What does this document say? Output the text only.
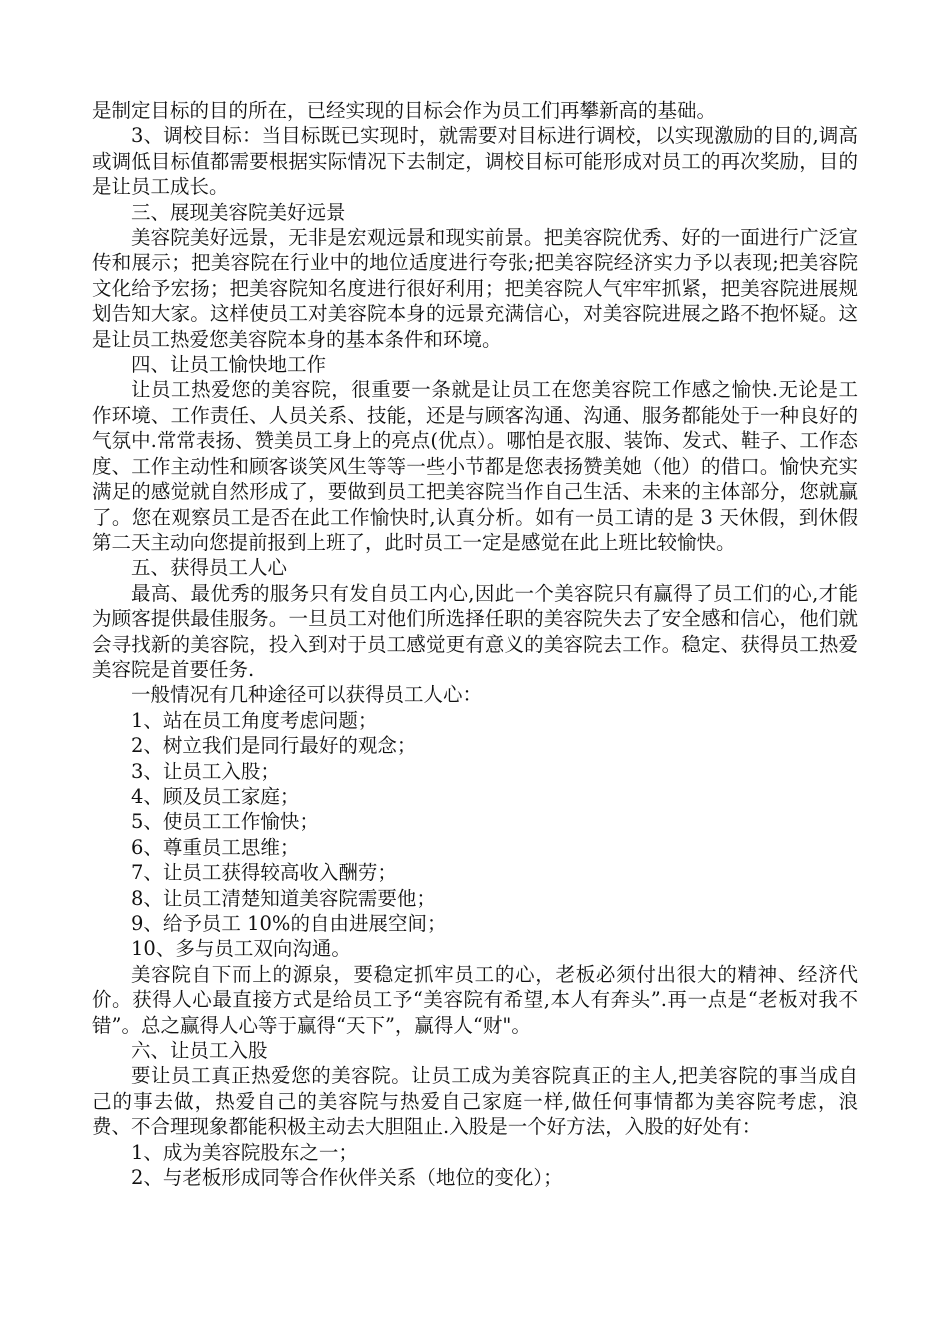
是制定目标的目的所在，已经实现的目标会作为员工们再攀新高的基础。

3、调校目标：当目标既已实现时，就需要对目标进行调校，以实现激励的目的,调高或调低目标值都需要根据实际情况下去制定，调校目标可能形成对员工的再次奖励，目的是让员工成长。

三、展现美容院美好远景

美容院美好远景，无非是宏观远景和现实前景。把美容院优秀、好的一面进行广泛宣传和展示；把美容院在行业中的地位适度进行夸张;把美容院经济实力予以表现;把美容院文化给予宏扬；把美容院知名度进行很好利用；把美容院人气牢牢抓紧，把美容院进展规划告知大家。这样使员工对美容院本身的远景充满信心，对美容院进展之路不抱怀疑。这是让员工热爱您美容院本身的基本条件和环境。

四、让员工愉快地工作

让员工热爱您的美容院，很重要一条就是让员工在您美容院工作感之愉快.无论是工作环境、工作责任、人员关系、技能，还是与顾客沟通、沟通、服务都能处于一种良好的气氛中.常常表扬、赞美员工身上的亮点(优点）。哪怕是衣服、装饰、发式、鞋子、工作态度、工作主动性和顾客谈笑风生等等一些小节都是您表扬赞美她（他）的借口。愉快充实满足的感觉就自然形成了，要做到员工把美容院当作自己生活、未来的主体部分，您就赢了。您在观察员工是否在此工作愉快时,认真分析。如有一员工请的是 3 天休假，到休假第二天主动向您提前报到上班了，此时员工一定是感觉在此上班比较愉快。

五、获得员工人心

最高、最优秀的服务只有发自员工内心,因此一个美容院只有赢得了员工们的心,才能为顾客提供最佳服务。一旦员工对他们所选择任职的美容院失去了安全感和信心，他们就会寻找新的美容院，投入到对于员工感觉更有意义的美容院去工作。稳定、获得员工热爱美容院是首要任务.

一般情况有几种途径可以获得员工人心：

1、站在员工角度考虑问题；

2、树立我们是同行最好的观念；

3、让员工入股；

4、顾及员工家庭；

5、使员工工作愉快；

6、尊重员工思维；

7、让员工获得较高收入酬劳；

8、让员工清楚知道美容院需要他；

9、给予员工 10%的自由进展空间；

10、多与员工双向沟通。

美容院自下而上的源泉，要稳定抓牢员工的心，老板必须付出很大的精神、经济代价。获得人心最直接方式是给员工予“美容院有希望,本人有奔头”.再一点是“老板对我不错”。总之赢得人心等于赢得“天下”，赢得人“财"。

六、让员工入股

要让员工真正热爱您的美容院。让员工成为美容院真正的主人,把美容院的事当成自己的事去做，热爱自己的美容院与热爱自己家庭一样,做任何事情都为美容院考虑，浪费、不合理现象都能积极主动去大胆阻止.入股是一个好方法，入股的好处有：

1、成为美容院股东之一；

2、与老板形成同等合作伙伴关系（地位的变化）；
